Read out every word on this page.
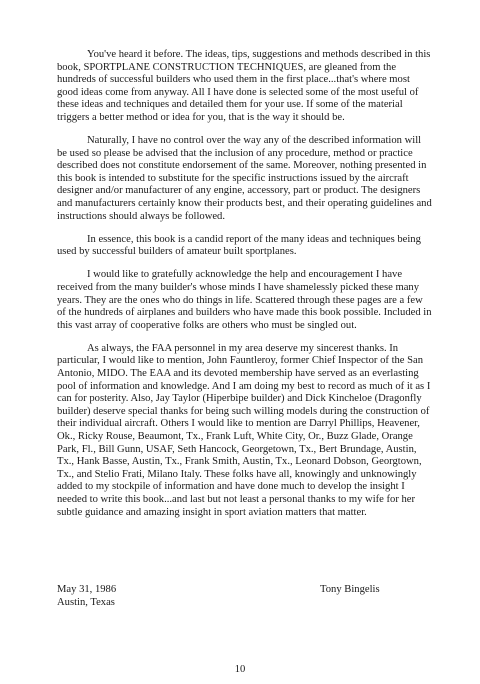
You've heard it before. The ideas, tips, suggestions and methods described in this book, SPORTPLANE CONSTRUCTION TECHNIQUES, are gleaned from the hundreds of successful builders who used them in the first place...that's where most good ideas come from anyway. All I have done is selected some of the most useful of these ideas and techniques and detailed them for your use. If some of the material triggers a better method or idea for you, that is the way it should be.

Naturally, I have no control over the way any of the described information will be used so please be advised that the inclusion of any procedure, method or practice described does not constitute endorsement of the same. Moreover, nothing presented in this book is intended to substitute for the specific instructions issued by the aircraft designer and/or manufacturer of any engine, accessory, part or product. The designers and manufacturers certainly know their products best, and their operating guidelines and instructions should always be followed.

In essence, this book is a candid report of the many ideas and techniques being used by successful builders of amateur built sportplanes.

I would like to gratefully acknowledge the help and encouragement I have received from the many builder's whose minds I have shamelessly picked these many years. They are the ones who do things in life. Scattered through these pages are a few of the hundreds of airplanes and builders who have made this book possible. Included in this vast array of cooperative folks are others who must be singled out.

As always, the FAA personnel in my area deserve my sincerest thanks. In particular, I would like to mention, John Fauntleroy, former Chief Inspector of the San Antonio, MIDO. The EAA and its devoted membership have served as an everlasting pool of information and knowledge. And I am doing my best to record as much of it as I can for posterity. Also, Jay Taylor (Hiperbipe builder) and Dick Kincheloe (Dragonfly builder) deserve special thanks for being such willing models during the construction of their individual aircraft. Others I would like to mention are Darryl Phillips, Heavener, Ok., Ricky Rouse, Beaumont, Tx., Frank Luft, White City, Or., Buzz Glade, Orange Park, Fl., Bill Gunn, USAF, Seth Hancock, Georgetown, Tx., Bert Brundage, Austin, Tx., Hank Basse, Austin, Tx., Frank Smith, Austin, Tx., Leonard Dobson, Georgtown, Tx., and Stelio Frati, Milano Italy. These folks have all, knowingly and unknowingly added to my stockpile of information and have done much to develop the insight I needed to write this book...and last but not least a personal thanks to my wife for her subtle guidance and amazing insight in sport aviation matters that matter.

May 31, 1986
Austin, Texas
Tony Bingelis
10
